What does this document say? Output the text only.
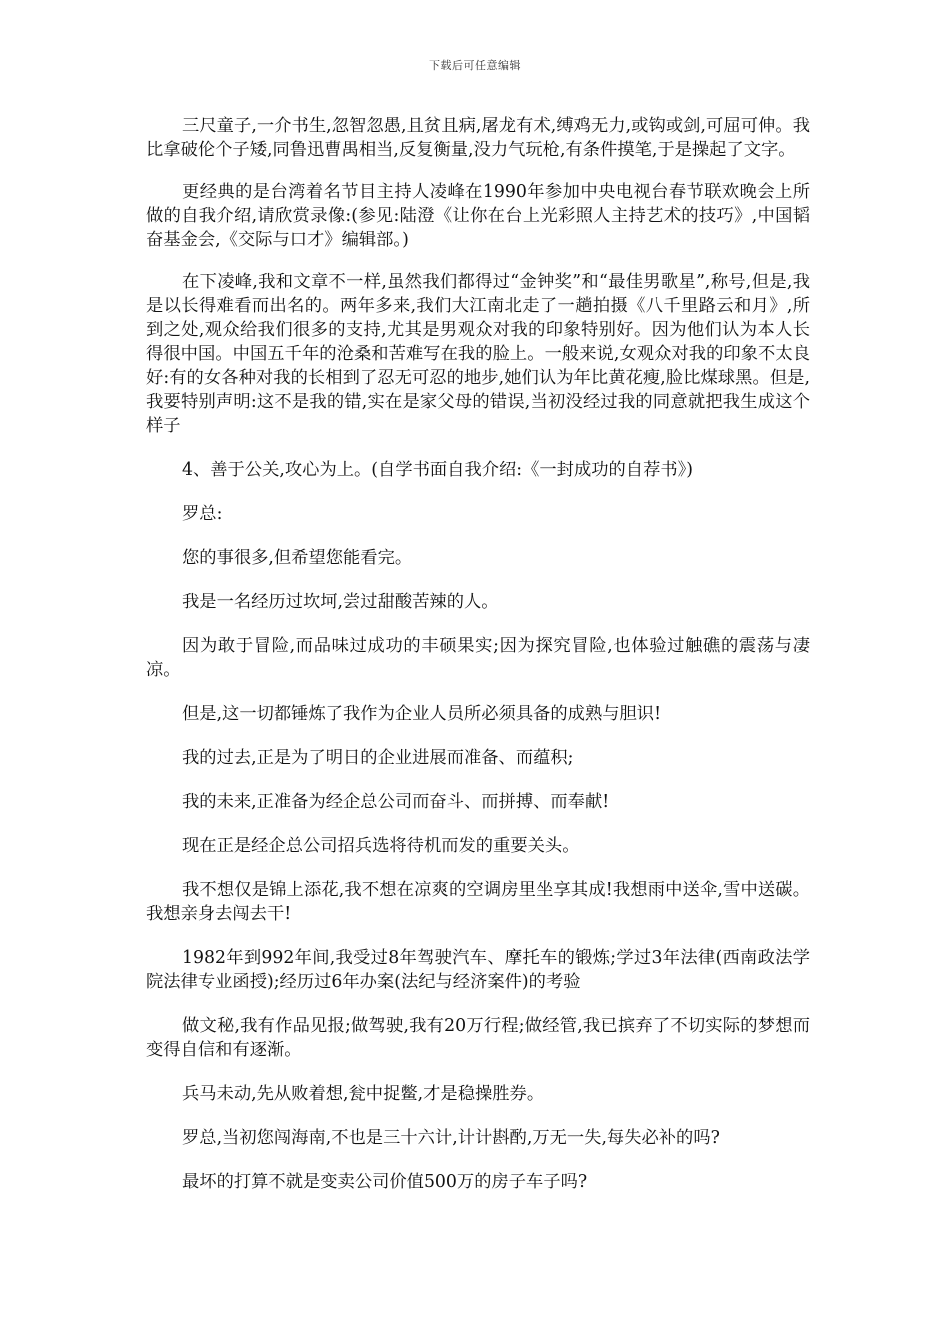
下载后可任意编辑

三尺童子,一介书生,忽智忽愚,且贫且病,屠龙有术,缚鸡无力,或钩或剑,可屈可伸。我比拿破伦个子矮,同鲁迅曹禺相当,反复衡量,没力气玩枪,有条件摸笔,于是操起了文字。

更经典的是台湾着名节目主持人凌峰在1990年参加中央电视台春节联欢晚会上所做的自我介绍,请欣赏录像:(参见:陆澄《让你在台上光彩照人主持艺术的技巧》,中国韬奋基金会,《交际与口才》编辑部。)

在下凌峰,我和文章不一样,虽然我们都得过“金钟奖”和“最佳男歌星”,称号,但是,我是以长得难看而出名的。两年多来,我们大江南北走了一趟拍摄《八千里路云和月》,所到之处,观众给我们很多的支持,尤其是男观众对我的印象特别好。因为他们认为本人长得很中国。中国五千年的沧桑和苦难写在我的脸上。一般来说,女观众对我的印象不太良好:有的女各种对我的长相到了忍无可忍的地步,她们认为年比黄花瘦,脸比煤球黑。但是,我要特别声明:这不是我的错,实在是家父母的错误,当初没经过我的同意就把我生成这个样子

4、善于公关,攻心为上。(自学书面自我介绍:《一封成功的自荐书》)

罗总:

您的事很多,但希望您能看完。

我是一名经历过坎坷,尝过甜酸苦辣的人。

因为敢于冒险,而品味过成功的丰硕果实;因为探究冒险,也体验过触礁的震荡与凄凉。

但是,这一切都锤炼了我作为企业人员所必须具备的成熟与胆识!

我的过去,正是为了明日的企业进展而准备、而蕴积;

我的未来,正准备为经企总公司而奋斗、而拼搏、而奉献!

现在正是经企总公司招兵选将待机而发的重要关头。

我不想仅是锦上添花,我不想在凉爽的空调房里坐享其成!我想雨中送伞,雪中送碳。我想亲身去闯去干!

1982年到992年间,我受过8年驾驶汽车、摩托车的锻炼;学过3年法律(西南政法学院法律专业函授);经历过6年办案(法纪与经济案件)的考验

做文秘,我有作品见报;做驾驶,我有20万行程;做经管,我已摈弃了不切实际的梦想而变得自信和有逐渐。

兵马未动,先从败着想,瓮中捉鳖,才是稳操胜券。

罗总,当初您闯海南,不也是三十六计,计计斟酌,万无一失,每失必补的吗?

最坏的打算不就是变卖公司价值500万的房子车子吗?
